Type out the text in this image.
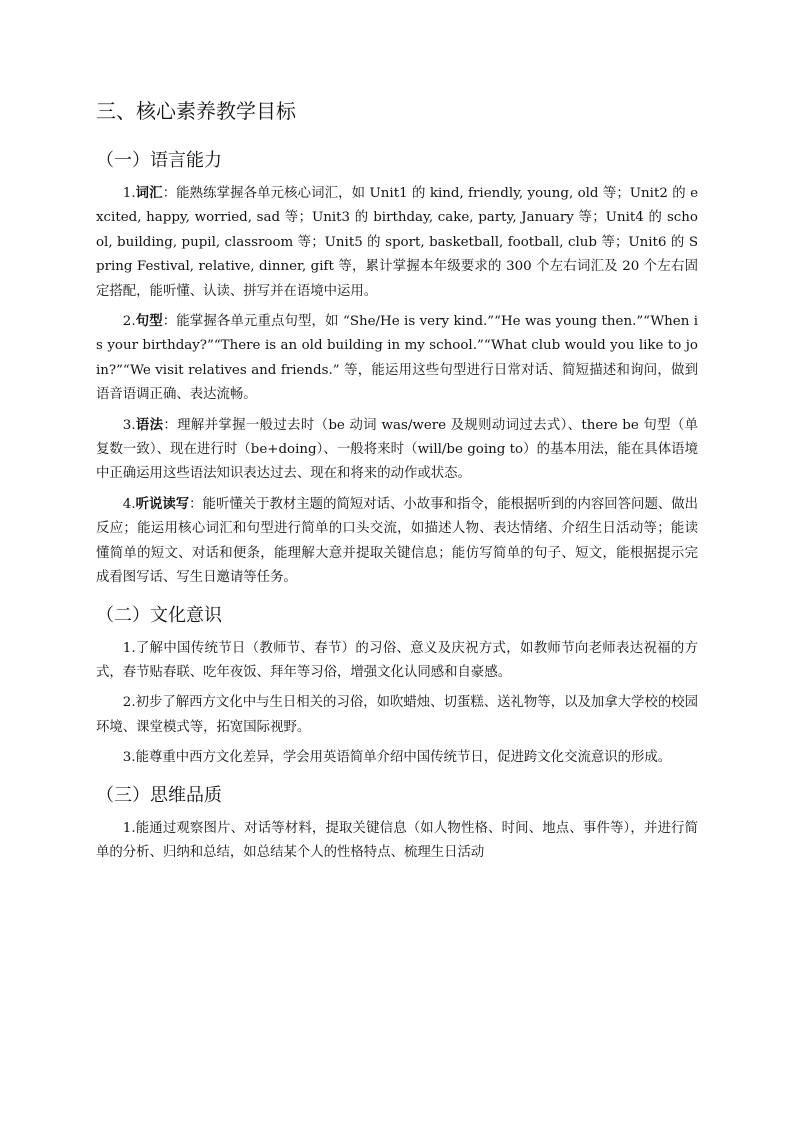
三、核心素养教学目标
（一）语言能力

1.词汇：能熟练掌握各单元核心词汇，如 Unit1 的 kind, friendly, young, old 等；Unit2 的 excited, happy, worried, sad 等；Unit3 的 birthday, cake, party, January 等；Unit4 的 school, building, pupil, classroom 等；Unit5 的 sport, basketball, football, club 等；Unit6 的 Spring Festival, relative, dinner, gift 等，累计掌握本年级要求的 300 个左右词汇及 20 个左右固定搭配，能听懂、认读、拼写并在语境中运用。

2.句型：能掌握各单元重点句型，如 “She/He is very kind.”“He was young then.”“When is your birthday?”“There is an old building in my school.”“What club would you like to join?”“We visit relatives and friends.” 等，能运用这些句型进行日常对话、简短描述和询问，做到语音语调正确、表达流畅。

3.语法：理解并掌握一般过去时（be 动词 was/were 及规则动词过去式）、there be 句型（单复数一致）、现在进行时（be+doing）、一般将来时（will/be going to）的基本用法，能在具体语境中正确运用这些语法知识表达过去、现在和将来的动作或状态。

4.听说读写：能听懂关于教材主题的简短对话、小故事和指令，能根据听到的内容回答问题、做出反应；能运用核心词汇和句型进行简单的口头交流，如描述人物、表达情绪、介绍生日活动等；能读懂简单的短文、对话和便条，能理解大意并提取关键信息；能仿写简单的句子、短文，能根据提示完成看图写话、写生日邀请等任务。

（二）文化意识

1.了解中国传统节日（教师节、春节）的习俗、意义及庆祝方式，如教师节向老师表达祝福的方式，春节贴春联、吃年夜饭、拜年等习俗，增强文化认同感和自豪感。

2.初步了解西方文化中与生日相关的习俗，如吹蜡烛、切蛋糕、送礼物等，以及加拿大学校的校园环境、课堂模式等，拓宽国际视野。

3.能尊重中西方文化差异，学会用英语简单介绍中国传统节日，促进跨文化交流意识的形成。

（三）思维品质

1.能通过观察图片、对话等材料，提取关键信息（如人物性格、时间、地点、事件等），并进行简单的分析、归纳和总结，如总结某个人的性格特点、梳理生日活动
